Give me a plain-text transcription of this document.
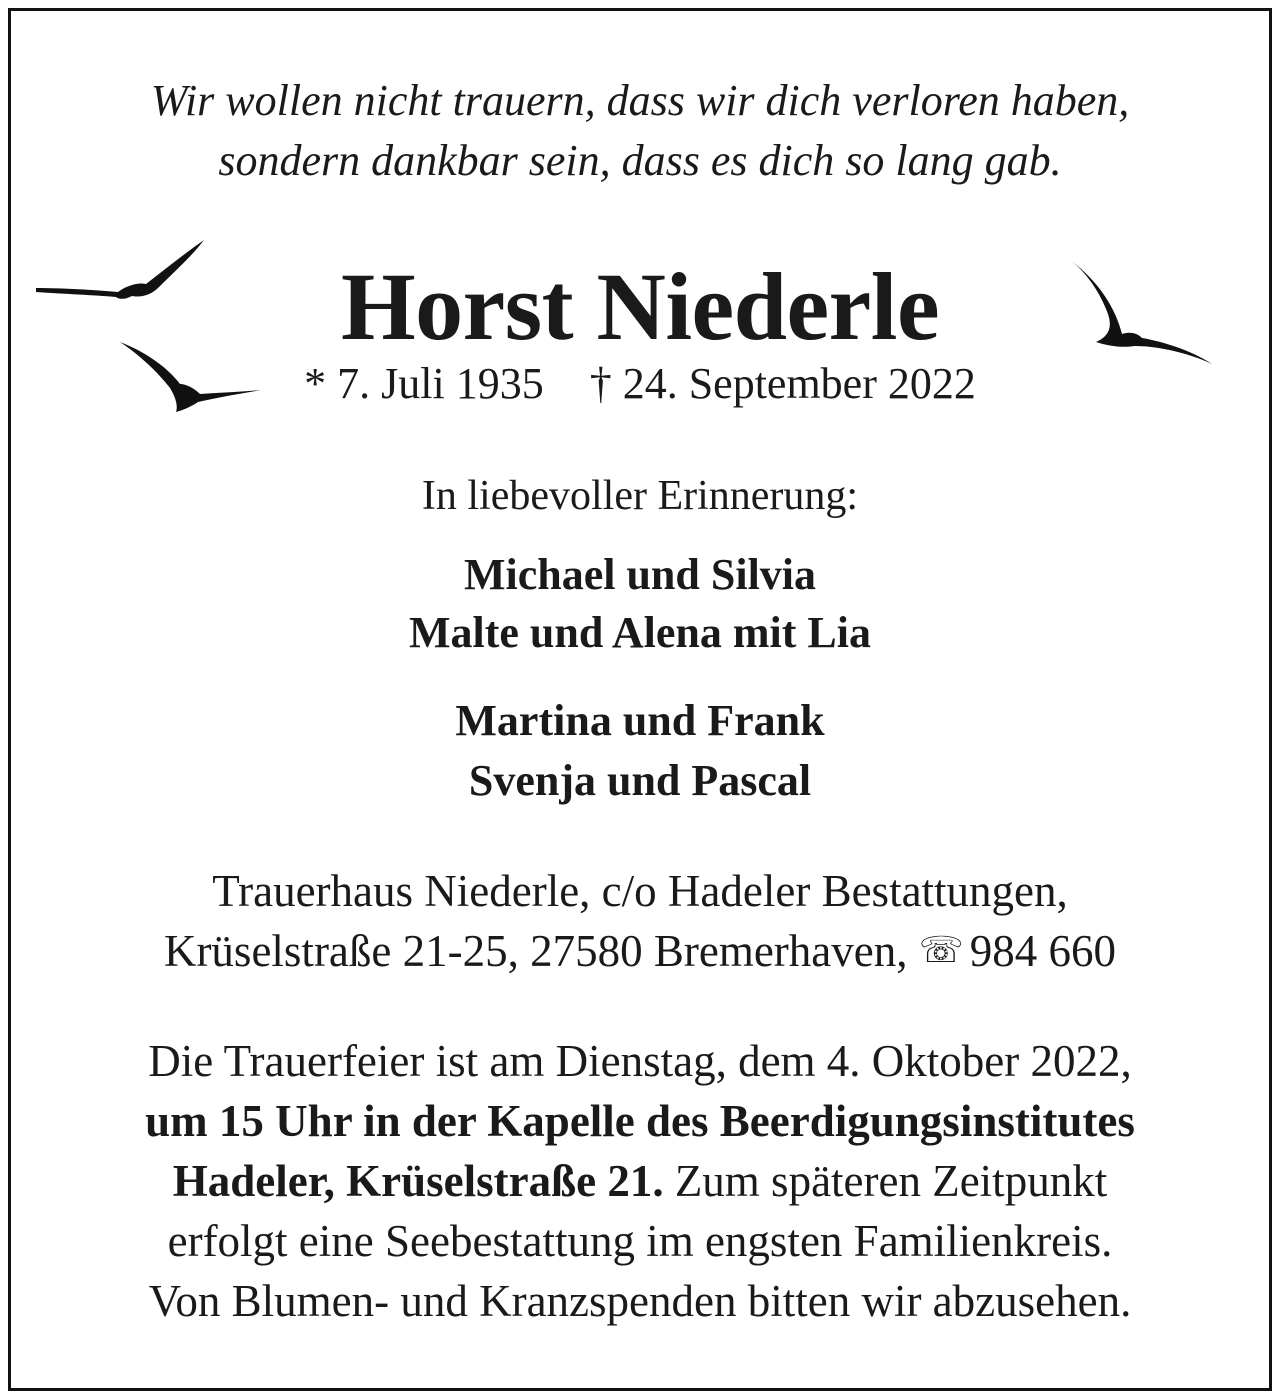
Wir wollen nicht trauern, dass wir dich verloren haben,
sondern dankbar sein, dass es dich so lang gab.
Horst Niederle
* 7. Juli 1935 † 24. September 2022
In liebevoller Erinnerung:
Michael und Silvia
Malte und Alena mit Lia
Martina und Frank
Svenja und Pascal
Trauerhaus Niederle, c/o Hadeler Bestattungen,
Krüselstraße 21-25, 27580 Bremerhaven, ☏ 984 660
Die Trauerfeier ist am Dienstag, dem 4. Oktober 2022,
um 15 Uhr in der Kapelle des Beerdigungsinstitutes
Hadeler, Krüselstraße 21. Zum späteren Zeitpunkt
erfolgt eine Seebestattung im engsten Familienkreis.
Von Blumen- und Kranzspenden bitten wir abzusehen.
